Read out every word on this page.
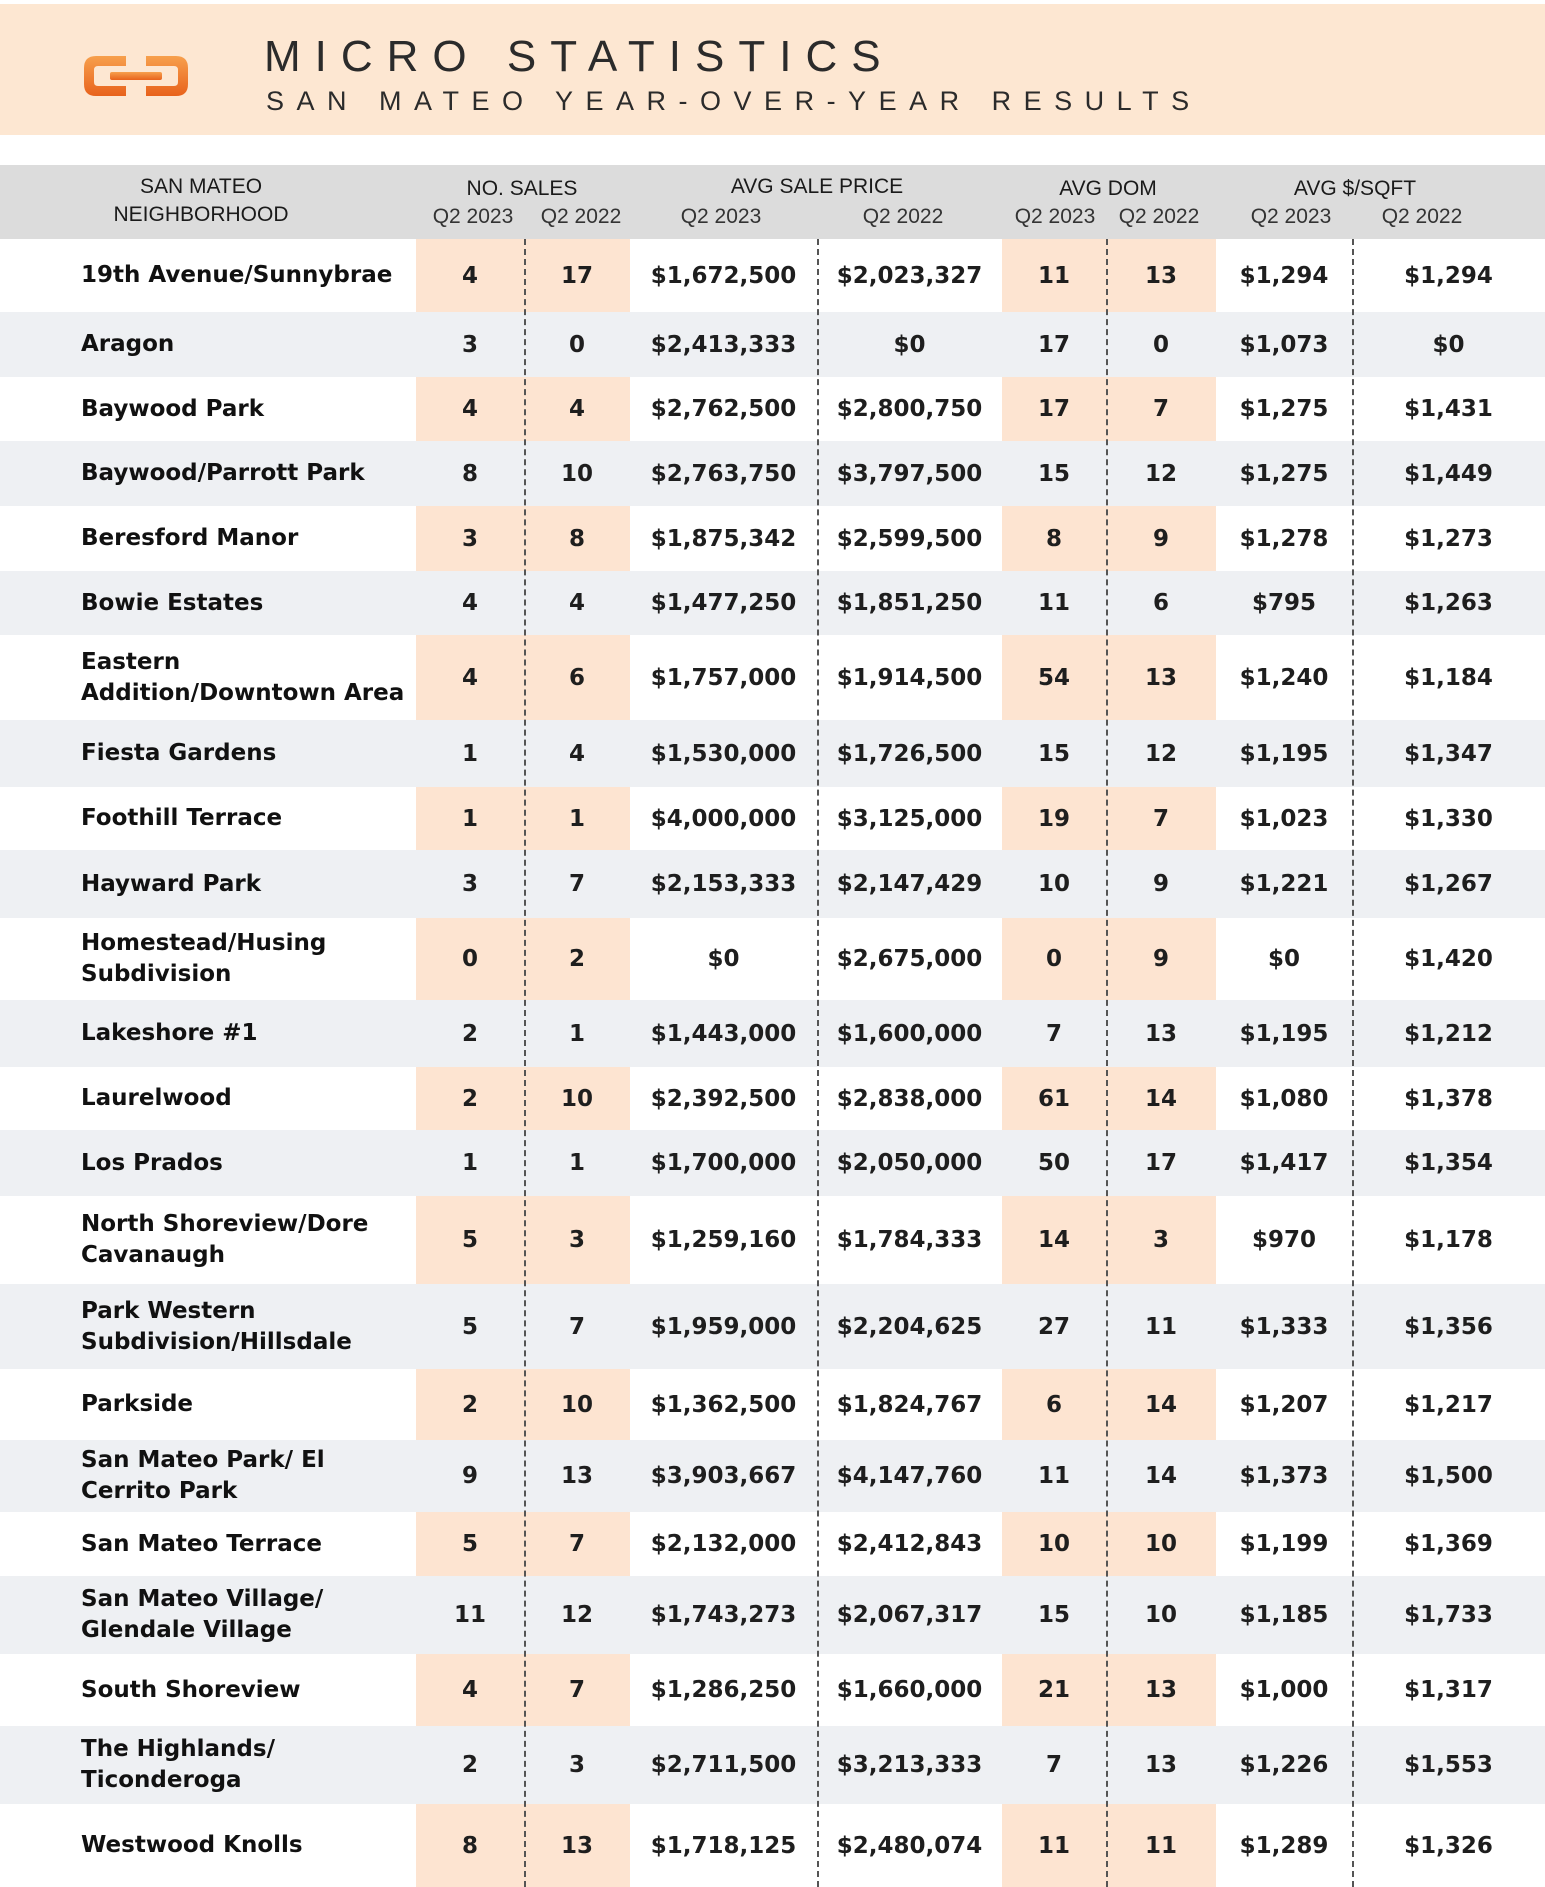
MICRO STATISTICS
SAN MATEO YEAR-OVER-YEAR RESULTS
SAN MATEO
NEIGHBORHOOD
NO. SALES
Q2 2023	Q2 2022
AVG SALE PRICE
Q2 2023	Q2 2022
AVG DOM
Q2 2023	Q2 2022
AVG $/SQFT
Q2 2023	Q2 2022
19th Avenue/Sunnybrae	4	17	$1,672,500	$2,023,327	11	13	$1,294	$1,294
Aragon	3	0	$2,413,333	$0	17	0	$1,073	$0
Baywood Park	4	4	$2,762,500	$2,800,750	17	7	$1,275	$1,431
Baywood/Parrott Park	8	10	$2,763,750	$3,797,500	15	12	$1,275	$1,449
Beresford Manor	3	8	$1,875,342	$2,599,500	8	9	$1,278	$1,273
Bowie Estates	4	4	$1,477,250	$1,851,250	11	6	$795	$1,263
Eastern Addition/Downtown Area
4	6	$1,757,000	$1,914,500	54	13	$1,240	$1,184
Fiesta Gardens	1	4	$1,530,000	$1,726,500	15	12	$1,195	$1,347
Foothill Terrace	1	1	$4,000,000	$3,125,000	19	7	$1,023	$1,330
Hayward Park	3	7	$2,153,333	$2,147,429	10	9	$1,221	$1,267
Homestead/Husing Subdivision
0	2	$0	$2,675,000	0	9	$0	$1,420
Lakeshore #1	2	1	$1,443,000	$1,600,000	7	13	$1,195	$1,212
Laurelwood	2	10	$2,392,500	$2,838,000	61	14	$1,080	$1,378
Los Prados	1	1	$1,700,000	$2,050,000	50	17	$1,417	$1,354
North Shoreview/Dore Cavanaugh
5	3	$1,259,160	$1,784,333	14	3	$970	$1,178
Park Western Subdivision/Hillsdale
5	7	$1,959,000	$2,204,625	27	11	$1,333	$1,356
Parkside	2	10	$1,362,500	$1,824,767	6	14	$1,207	$1,217
San Mateo Park/ El Cerrito Park
9	13	$3,903,667	$4,147,760	11	14	$1,373	$1,500
San Mateo Terrace	5	7	$2,132,000	$2,412,843	10	10	$1,199	$1,369
San Mateo Village/ Glendale Village
11	12	$1,743,273	$2,067,317	15	10	$1,185	$1,733
South Shoreview	4	7	$1,286,250	$1,660,000	21	13	$1,000	$1,317
The Highlands/ Ticonderoga
2	3	$2,711,500	$3,213,333	7	13	$1,226	$1,553
Westwood Knolls	8	13	$1,718,125	$2,480,074	11	11	$1,289	$1,326
